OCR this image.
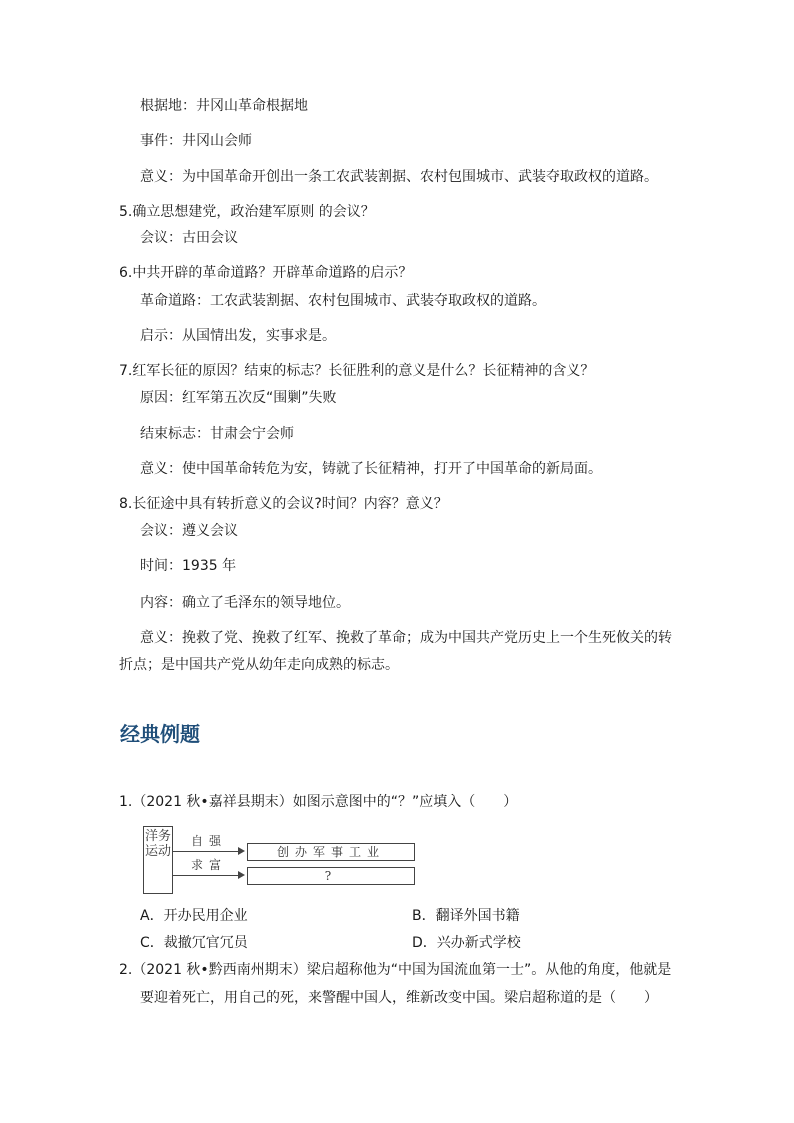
根据地：井冈山革命根据地
事件：井冈山会师
意义：为中国革命开创出一条工农武装割据、农村包围城市、武装夺取政权的道路。
5.确立思想建党，政治建军原则 的会议？
会议：古田会议
6.中共开辟的革命道路？开辟革命道路的启示？
革命道路：工农武装割据、农村包围城市、武装夺取政权的道路。
启示：从国情出发，实事求是。
7.红军长征的原因？结束的标志？长征胜利的意义是什么？长征精神的含义？
原因：红军第五次反“围剿”失败
结束标志：甘肃会宁会师
意义：使中国革命转危为安，铸就了长征精神，打开了中国革命的新局面。
8.长征途中具有转折意义的会议?时间？内容？意义？
会议：遵义会议
时间：1935 年
内容：确立了毛泽东的领导地位。
意义：挽救了党、挽救了红军、挽救了革命；成为中国共产党历史上一个生死攸关的转
折点；是中国共产党从幼年走向成熟的标志。
经典例题
1.（2021 秋•嘉祥县期末）如图示意图中的“？”应填入（　　）
洋务运动
自强
创办军事工业
求富
?
A．开办民用企业	B．翻译外国书籍
C．裁撤冗官冗员	D．兴办新式学校
2.（2021 秋•黔西南州期末）梁启超称他为“中国为国流血第一士”。从他的角度，他就是
要迎着死亡，用自己的死，来警醒中国人，维新改变中国。梁启超称道的是（　　）
